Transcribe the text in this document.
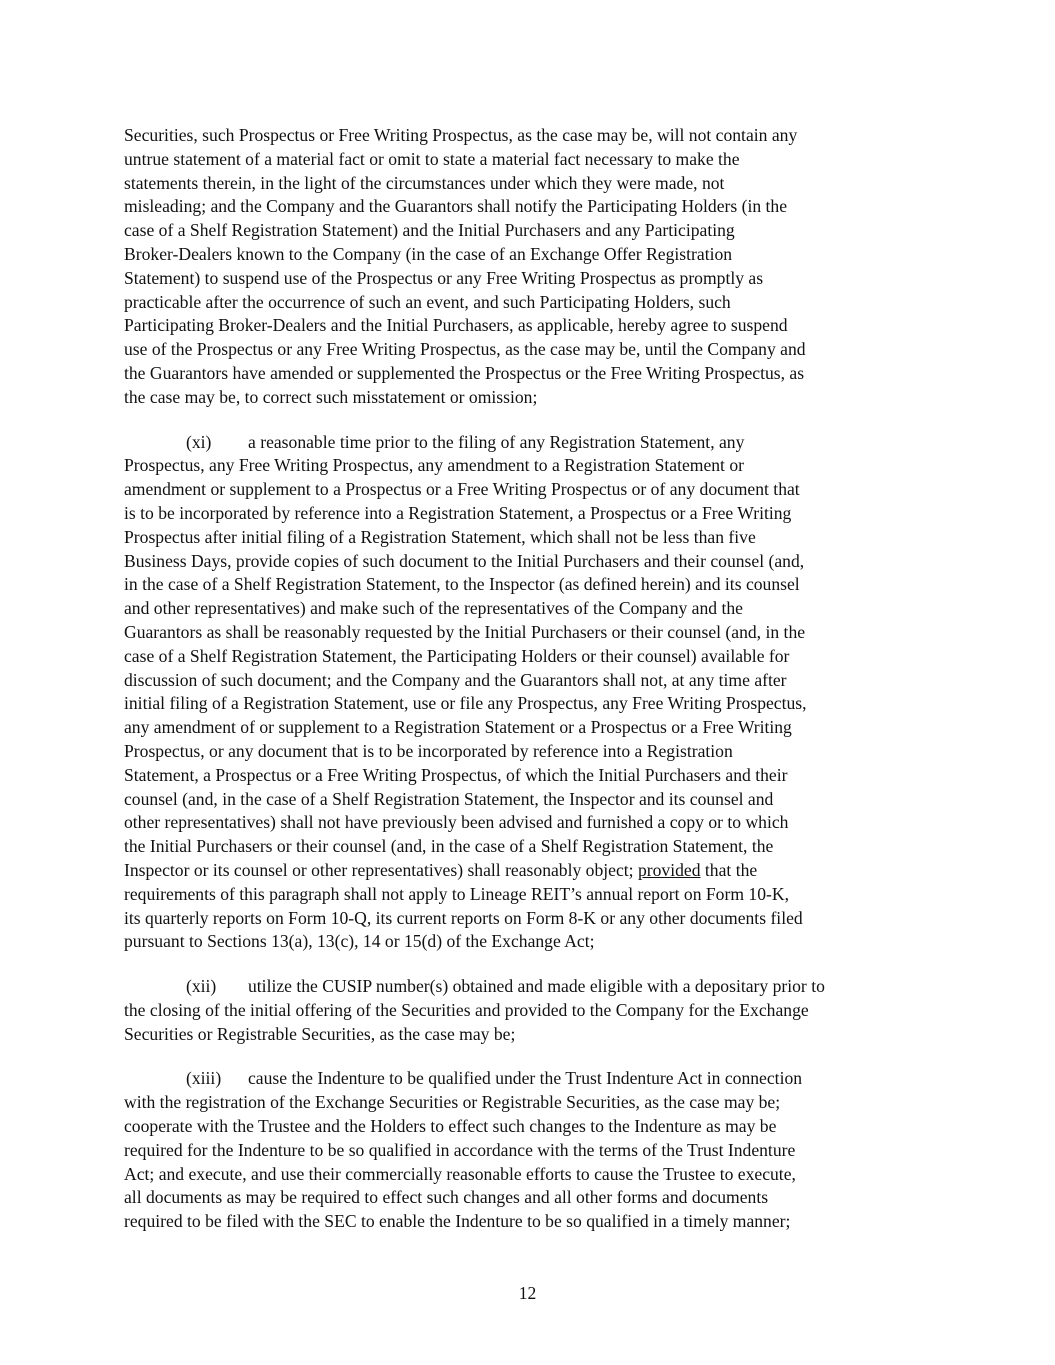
Securities, such Prospectus or Free Writing Prospectus, as the case may be, will not contain any
untrue statement of a material fact or omit to state a material fact necessary to make the
statements therein, in the light of the circumstances under which they were made, not
misleading; and the Company and the Guarantors shall notify the Participating Holders (in the
case of a Shelf Registration Statement) and the Initial Purchasers and any Participating
Broker-Dealers known to the Company (in the case of an Exchange Offer Registration
Statement) to suspend use of the Prospectus or any Free Writing Prospectus as promptly as
practicable after the occurrence of such an event, and such Participating Holders, such
Participating Broker-Dealers and the Initial Purchasers, as applicable, hereby agree to suspend
use of the Prospectus or any Free Writing Prospectus, as the case may be, until the Company and
the Guarantors have amended or supplemented the Prospectus or the Free Writing Prospectus, as
the case may be, to correct such misstatement or omission;

(xi) a reasonable time prior to the filing of any Registration Statement, any
Prospectus, any Free Writing Prospectus, any amendment to a Registration Statement or
amendment or supplement to a Prospectus or a Free Writing Prospectus or of any document that
is to be incorporated by reference into a Registration Statement, a Prospectus or a Free Writing
Prospectus after initial filing of a Registration Statement, which shall not be less than five
Business Days, provide copies of such document to the Initial Purchasers and their counsel (and,
in the case of a Shelf Registration Statement, to the Inspector (as defined herein) and its counsel
and other representatives) and make such of the representatives of the Company and the
Guarantors as shall be reasonably requested by the Initial Purchasers or their counsel (and, in the
case of a Shelf Registration Statement, the Participating Holders or their counsel) available for
discussion of such document; and the Company and the Guarantors shall not, at any time after
initial filing of a Registration Statement, use or file any Prospectus, any Free Writing Prospectus,
any amendment of or supplement to a Registration Statement or a Prospectus or a Free Writing
Prospectus, or any document that is to be incorporated by reference into a Registration
Statement, a Prospectus or a Free Writing Prospectus, of which the Initial Purchasers and their
counsel (and, in the case of a Shelf Registration Statement, the Inspector and its counsel and
other representatives) shall not have previously been advised and furnished a copy or to which
the Initial Purchasers or their counsel (and, in the case of a Shelf Registration Statement, the
Inspector or its counsel or other representatives) shall reasonably object; provided that the
requirements of this paragraph shall not apply to Lineage REIT’s annual report on Form 10-K,
its quarterly reports on Form 10-Q, its current reports on Form 8-K or any other documents filed
pursuant to Sections 13(a), 13(c), 14 or 15(d) of the Exchange Act;

(xii) utilize the CUSIP number(s) obtained and made eligible with a depositary prior to
the closing of the initial offering of the Securities and provided to the Company for the Exchange
Securities or Registrable Securities, as the case may be;

(xiii) cause the Indenture to be qualified under the Trust Indenture Act in connection
with the registration of the Exchange Securities or Registrable Securities, as the case may be;
cooperate with the Trustee and the Holders to effect such changes to the Indenture as may be
required for the Indenture to be so qualified in accordance with the terms of the Trust Indenture
Act; and execute, and use their commercially reasonable efforts to cause the Trustee to execute,
all documents as may be required to effect such changes and all other forms and documents
required to be filed with the SEC to enable the Indenture to be so qualified in a timely manner;

12
